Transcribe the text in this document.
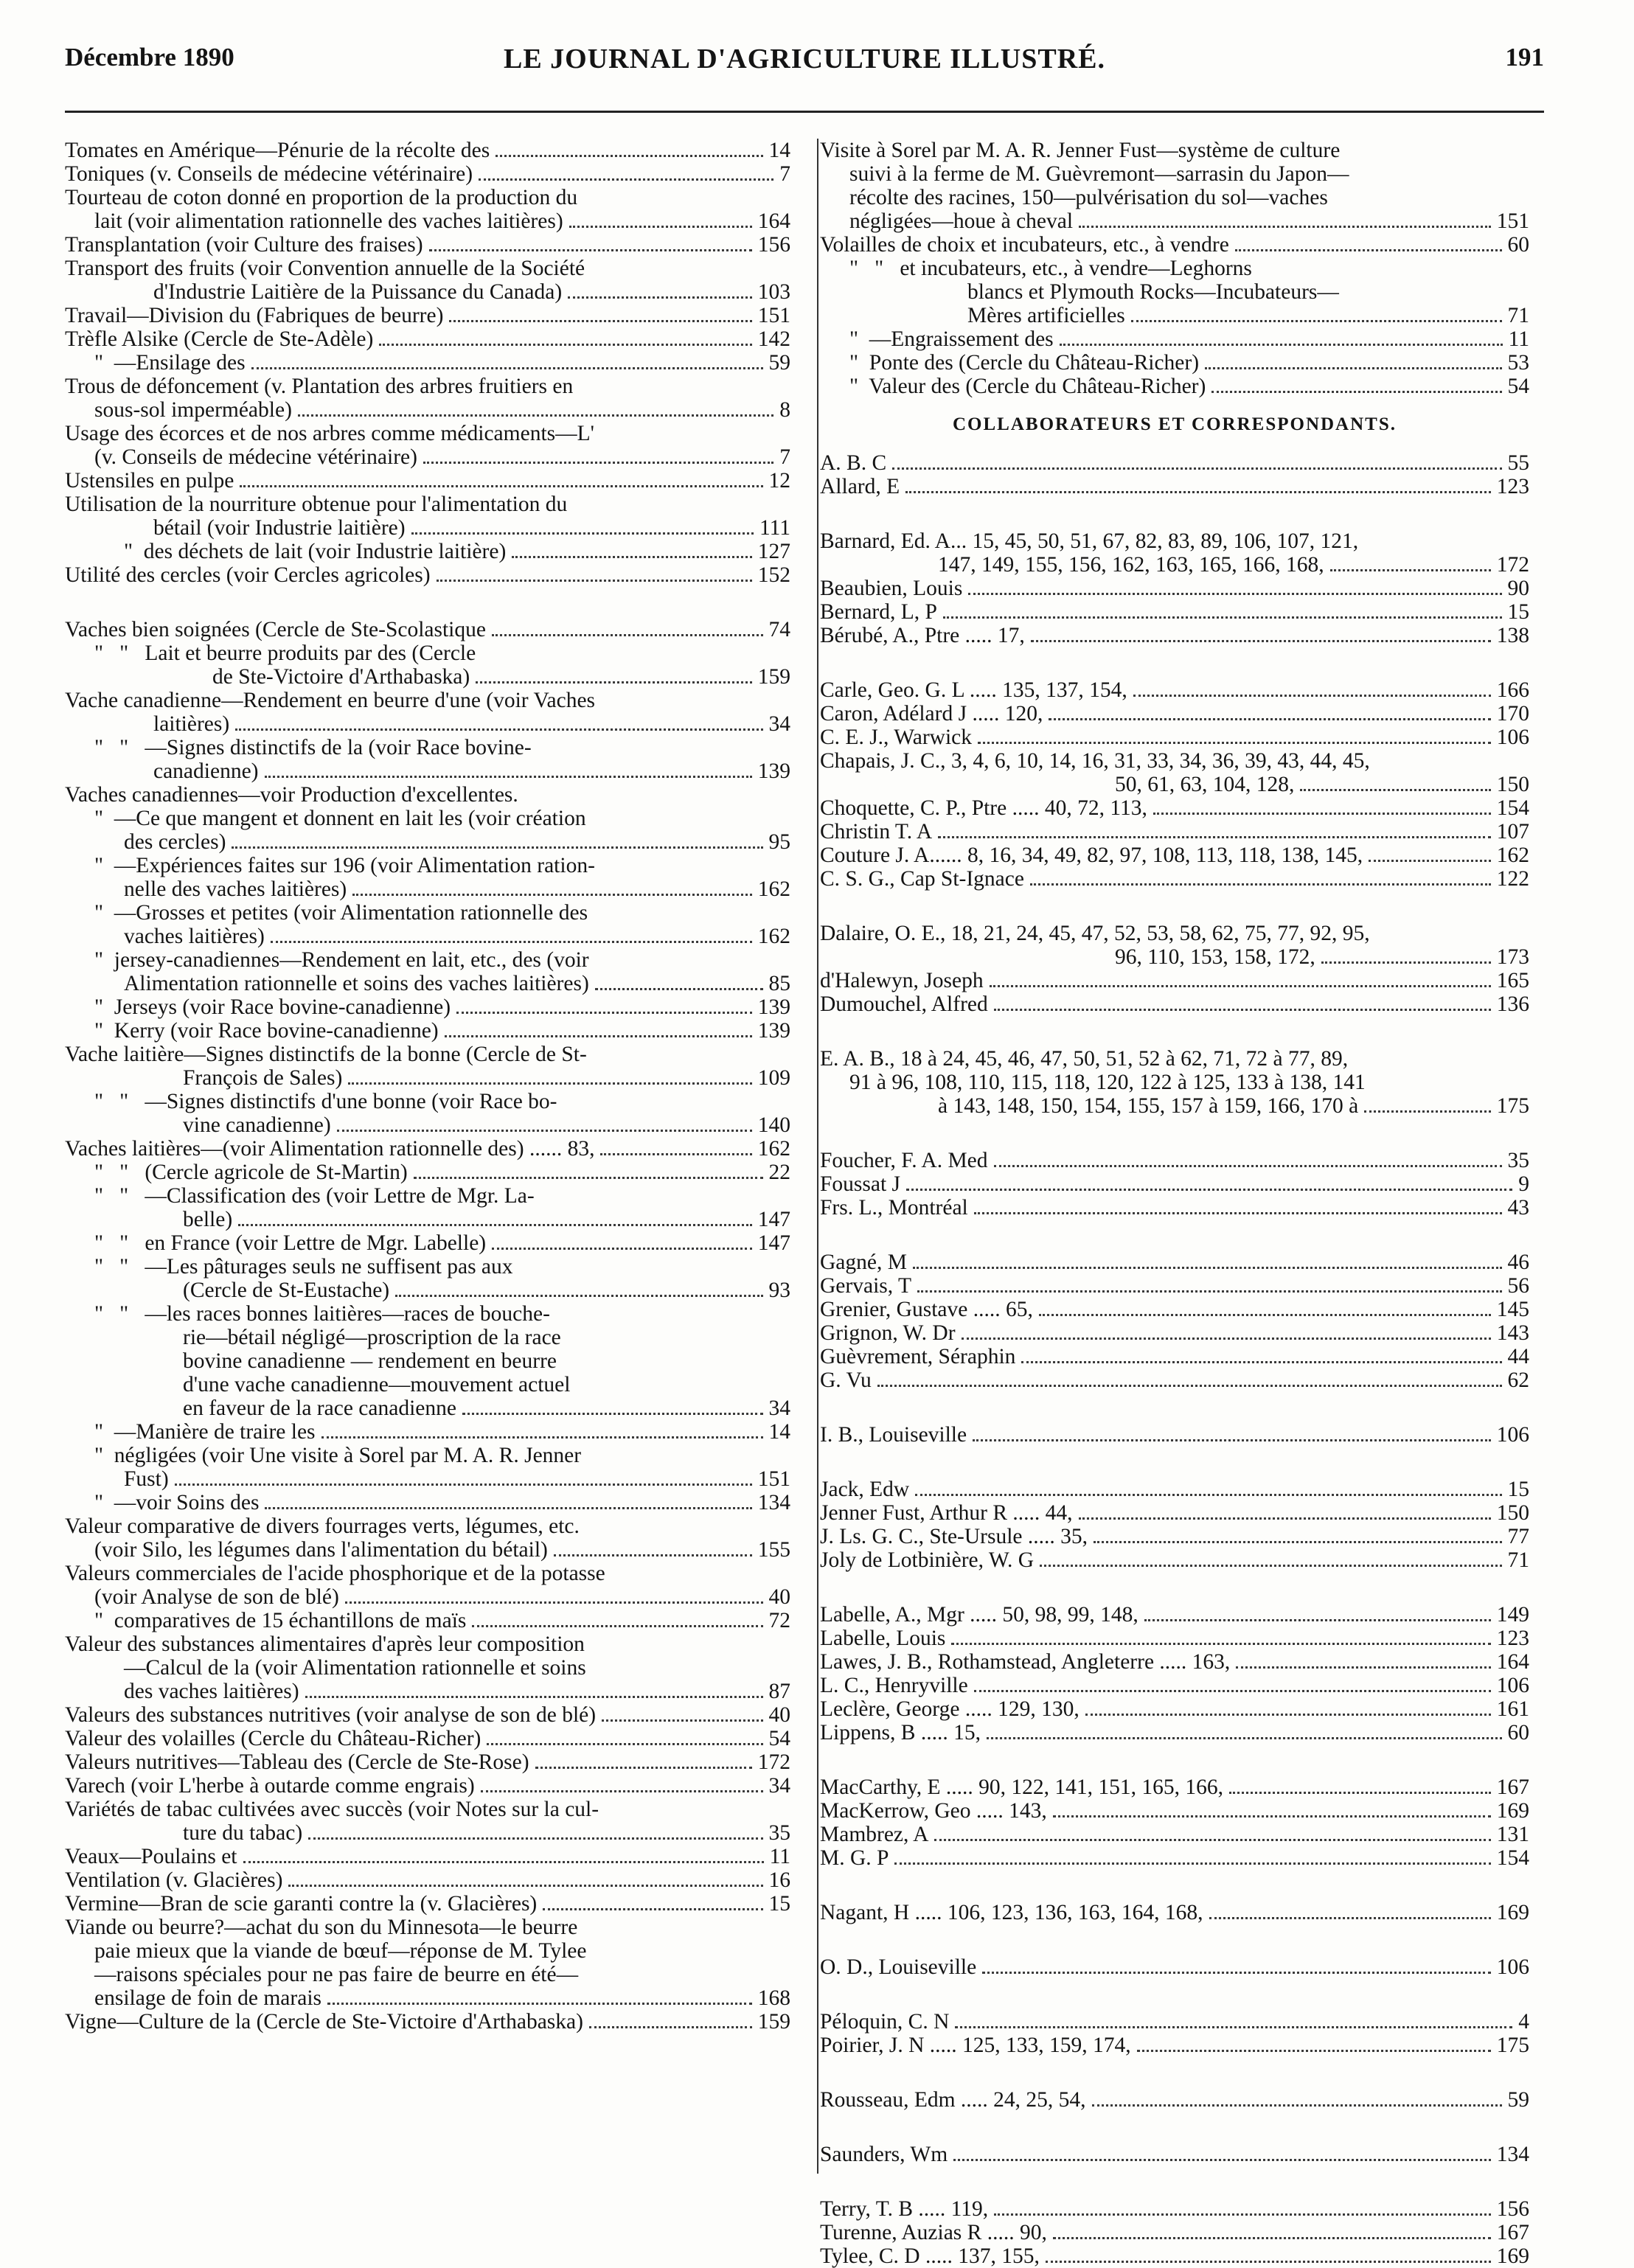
Décembre 1890	LE JOURNAL D'AGRICULTURE ILLUSTRÉ.	191
Tomates en Amérique—Pénurie de la récolte des	14
Toniques (v. Conseils de médecine vétérinaire)	7
Tourteau de coton donné en proportion de la production du
lait (voir alimentation rationnelle des vaches laitières)	164
Transplantation (voir Culture des fraises)	156
Transport des fruits (voir Convention annuelle de la Société
d'Industrie Laitière de la Puissance du Canada)	103
Travail—Division du (Fabriques de beurre)	151
Trèfle Alsike (Cercle de Ste-Adèle)	142
"  —Ensilage des	59
Trous de défoncement (v. Plantation des arbres fruitiers en
sous-sol imperméable)	8
Usage des écorces et de nos arbres comme médicaments—L'
(v. Conseils de médecine vétérinaire)	7
Ustensiles en pulpe	12
Utilisation de la nourriture obtenue pour l'alimentation du
bétail (voir Industrie laitière)	111
"  des déchets de lait (voir Industrie laitière)	127
Utilité des cercles (voir Cercles agricoles)	152
Vaches bien soignées (Cercle de Ste-Scolastique	74
"   "   Lait et beurre produits par des (Cercle
de Ste-Victoire d'Arthabaska)	159
Vache canadienne—Rendement en beurre d'une (voir Vaches
laitières)	34
"   "   —Signes distinctifs de la (voir Race bovine-
canadienne)	139
Vaches canadiennes—voir Production d'excellentes.
"  —Ce que mangent et donnent en lait les (voir création
des cercles)	95
"  —Expériences faites sur 196 (voir Alimentation ration-
nelle des vaches laitières)	162
"  —Grosses et petites (voir Alimentation rationnelle des
vaches laitières)	162
"  jersey-canadiennes—Rendement en lait, etc., des (voir
Alimentation rationnelle et soins des vaches laitières)	85
"  Jerseys (voir Race bovine-canadienne)	139
"  Kerry (voir Race bovine-canadienne)	139
Vache laitière—Signes distinctifs de la bonne (Cercle de St-
François de Sales)	109
"   "   —Signes distinctifs d'une bonne (voir Race bo-
vine canadienne)	140
Vaches laitières—(voir Alimentation rationnelle des) ...... 83,	162
"   "   (Cercle agricole de St-Martin)	22
"   "   —Classification des (voir Lettre de Mgr. La-
belle)	147
"   "   en France (voir Lettre de Mgr. Labelle)	147
"   "   —Les pâturages seuls ne suffisent pas aux
(Cercle de St-Eustache)	93
"   "   —les races bonnes laitières—races de bouche-
rie—bétail négligé—proscription de la race
bovine canadienne — rendement en beurre
d'une vache canadienne—mouvement actuel
en faveur de la race canadienne	34
"  —Manière de traire les	14
"  négligées (voir Une visite à Sorel par M. A. R. Jenner
Fust)	151
"  —voir Soins des	134
Valeur comparative de divers fourrages verts, légumes, etc.
(voir Silo, les légumes dans l'alimentation du bétail)	155
Valeurs commerciales de l'acide phosphorique et de la potasse
(voir Analyse de son de blé)	40
"  comparatives de 15 échantillons de maïs	72
Valeur des substances alimentaires d'après leur composition
—Calcul de la (voir Alimentation rationnelle et soins
des vaches laitières)	87
Valeurs des substances nutritives (voir analyse de son de blé)	40
Valeur des volailles (Cercle du Château-Richer)	54
Valeurs nutritives—Tableau des (Cercle de Ste-Rose)	172
Varech (voir L'herbe à outarde comme engrais)	34
Variétés de tabac cultivées avec succès (voir Notes sur la cul-
ture du tabac)	35
Veaux—Poulains et	11
Ventilation (v. Glacières)	16
Vermine—Bran de scie garanti contre la (v. Glacières)	15
Viande ou beurre?—achat du son du Minnesota—le beurre
paie mieux que la viande de bœuf—réponse de M. Tylee
—raisons spéciales pour ne pas faire de beurre en été—
ensilage de foin de marais	168
Vigne—Culture de la (Cercle de Ste-Victoire d'Arthabaska)	159
Visite à Sorel par M. A. R. Jenner Fust—système de culture
suivi à la ferme de M. Guèvremont—sarrasin du Japon—
récolte des racines, 150—pulvérisation du sol—vaches
négligées—houe à cheval	151
Volailles de choix et incubateurs, etc., à vendre	60
"   "   et incubateurs, etc., à vendre—Leghorns
blancs et Plymouth Rocks—Incubateurs—
Mères artificielles	71
"  —Engraissement des	11
"  Ponte des (Cercle du Château-Richer)	53
"  Valeur des (Cercle du Château-Richer)	54
COLLABORATEURS ET CORRESPONDANTS.
A. B. C	55
Allard, E	123
Barnard, Ed. A... 15, 45, 50, 51, 67, 82, 83, 89, 106, 107, 121,
147, 149, 155, 156, 162, 163, 165, 166, 168,	172
Beaubien, Louis	90
Bernard, L, P	15
Bérubé, A., Ptre ..... 17,	138
Carle, Geo. G. L ..... 135, 137, 154,	166
Caron, Adélard J ..... 120,	170
C. E. J., Warwick	106
Chapais, J. C., 3, 4, 6, 10, 14, 16, 31, 33, 34, 36, 39, 43, 44, 45,
50, 61, 63, 104, 128,	150
Choquette, C. P., Ptre ..... 40, 72, 113,	154
Christin T. A	107
Couture J. A...... 8, 16, 34, 49, 82, 97, 108, 113, 118, 138, 145,	162
C. S. G., Cap St-Ignace	122
Dalaire, O. E., 18, 21, 24, 45, 47, 52, 53, 58, 62, 75, 77, 92, 95,
96, 110, 153, 158, 172,	173
d'Halewyn, Joseph	165
Dumouchel, Alfred	136
E. A. B., 18 à 24, 45, 46, 47, 50, 51, 52 à 62, 71, 72 à 77, 89,
91 à 96, 108, 110, 115, 118, 120, 122 à 125, 133 à 138, 141
à 143, 148, 150, 154, 155, 157 à 159, 166, 170 à	175
Foucher, F. A. Med	35
Foussat J	9
Frs. L., Montréal	43
Gagné, M	46
Gervais, T	56
Grenier, Gustave ..... 65,	145
Grignon, W. Dr	143
Guèvrement, Séraphin	44
G. Vu	62
I. B., Louiseville	106
Jack, Edw	15
Jenner Fust, Arthur R ..... 44,	150
J. Ls. G. C., Ste-Ursule ..... 35,	77
Joly de Lotbinière, W. G	71
Labelle, A., Mgr ..... 50, 98, 99, 148,	149
Labelle, Louis	123
Lawes, J. B., Rothamstead, Angleterre ..... 163,	164
L. C., Henryville	106
Leclère, George ..... 129, 130,	161
Lippens, B ..... 15,	60
MacCarthy, E ..... 90, 122, 141, 151, 165, 166,	167
MacKerrow, Geo ..... 143,	169
Mambrez, A	131
M. G. P	154
Nagant, H ..... 106, 123, 136, 163, 164, 168,	169
O. D., Louiseville	106
Péloquin, C. N	4
Poirier, J. N ..... 125, 133, 159, 174,	175
Rousseau, Edm ..... 24, 25, 54,	59
Saunders, Wm	134
Terry, T. B ..... 119,	156
Turenne, Auzias R ..... 90,	167
Tylee, C. D ..... 137, 155,	169
